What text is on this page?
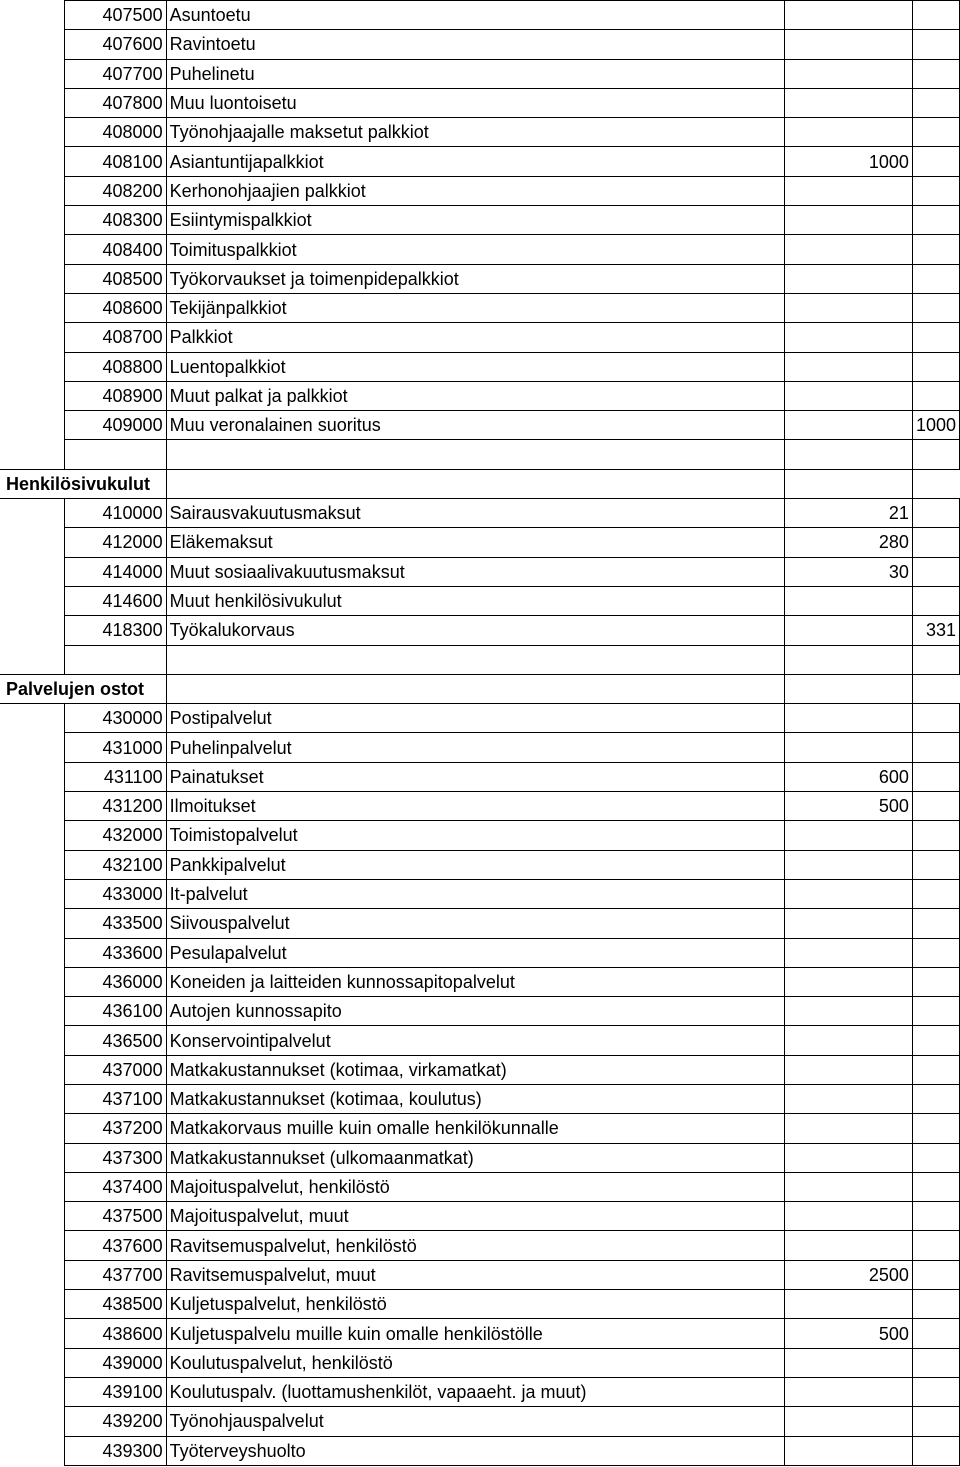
	407500	Asuntoetu		
	407600	Ravintoetu		
	407700	Puhelinetu		
	407800	Muu luontoisetu		
	408000	Työnohjaajalle maksetut palkkiot		
	408100	Asiantuntijapalkkiot	1000	
	408200	Kerhonohjaajien palkkiot		
	408300	Esiintymispalkkiot		
	408400	Toimituspalkkiot		
	408500	Työkorvaukset ja toimenpidepalkkiot		
	408600	Tekijänpalkkiot		
	408700	Palkkiot		
	408800	Luentopalkkiot		
	408900	Muut palkat ja palkkiot		
	409000	Muu veronalainen suoritus		1000

Henkilösivukulut				
	410000	Sairausvakuutusmaksut	21	
	412000	Eläkemaksut	280	
	414000	Muut sosiaalivakuutusmaksut	30	
	414600	Muut henkilösivukulut		
	418300	Työkalukorvaus		331

Palvelujen ostot				
	430000	Postipalvelut		
	431000	Puhelinpalvelut		
	431100	Painatukset	600	
	431200	Ilmoitukset	500	
	432000	Toimistopalvelut		
	432100	Pankkipalvelut		
	433000	It-palvelut		
	433500	Siivouspalvelut		
	433600	Pesulapalvelut		
	436000	Koneiden ja laitteiden kunnossapitopalvelut		
	436100	Autojen kunnossapito		
	436500	Konservointipalvelut		
	437000	Matkakustannukset (kotimaa, virkamatkat)		
	437100	Matkakustannukset (kotimaa, koulutus)		
	437200	Matkakorvaus muille kuin omalle henkilökunnalle		
	437300	Matkakustannukset (ulkomaanmatkat)		
	437400	Majoituspalvelut, henkilöstö		
	437500	Majoituspalvelut, muut		
	437600	Ravitsemuspalvelut, henkilöstö		
	437700	Ravitsemuspalvelut, muut	2500	
	438500	Kuljetuspalvelut, henkilöstö		
	438600	Kuljetuspalvelu muille kuin omalle henkilöstölle	500	
	439000	Koulutuspalvelut, henkilöstö		
	439100	Koulutuspalv. (luottamushenkilöt, vapaaeht. ja muut)		
	439200	Työnohjauspalvelut		
	439300	Työterveyshuolto		
